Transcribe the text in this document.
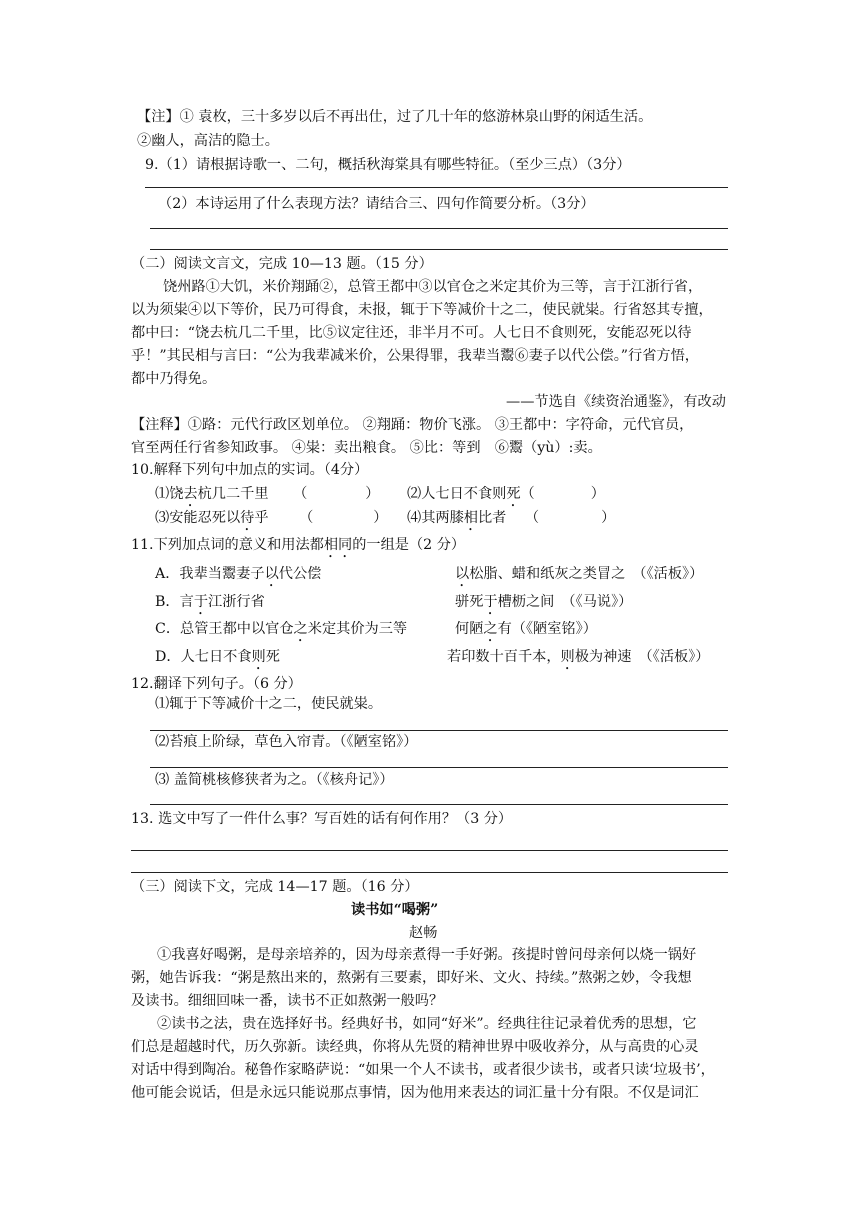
【注】① 袁枚，三十多岁以后不再出仕，过了几十年的悠游林泉山野的闲适生活。
②幽人，高洁的隐士。
9.（1）请根据诗歌一、二句，概括秋海棠具有哪些特征。（至少三点）（3分）
（2）本诗运用了什么表现方法？请结合三、四句作简要分析。（3分）
（二）阅读文言文，完成 10—13 题。（15 分）
饶州路①大饥，米价翔踊②，总管王都中③以官仓之米定其价为三等，言于江浙行省，
以为须粜④以下等价，民乃可得食，未报，辄于下等减价十之二，使民就粜。行省怒其专擅，
都中曰：“饶去杭几二千里，比⑤议定往还，非半月不可。人七日不食则死，安能忍死以待
乎！”其民相与言曰：“公为我辈减米价，公果得罪，我辈当鬻⑥妻子以代公偿。”行省方悟，
都中乃得免。
——节选自《续资治通鉴》，有改动
【注释】①路：元代行政区划单位。 ②翔踊：物价飞涨。 ③王都中：字符命，元代官员，
官至两任行省参知政事。 ④粜：卖出粮食。 ⑤比：等到　⑥鬻（yù）:卖。
10.解释下列句中加点的实词。（4分）
⑴饶去杭几二千里 （	） ⑵人七日不食则死（	）
⑶安能忍死以待乎 （	） ⑷其两膝相比者 （	）
11.下列加点词的意义和用法都相同的一组是（2 分）
A．我辈当鬻妻子以代公偿	以松脂、蜡和纸灰之类冒之　（《活板》）
B．言于江浙行省	骈死于槽枥之间　（《马说》）
C．总管王都中以官仓之米定其价为三等	何陋之有（《陋室铭》）
D．人七日不食则死	若印数十百千本，则极为神速　（《活板》）
12.翻译下列句子。（6 分）
⑴辄于下等减价十之二，使民就粜。
⑵苔痕上阶绿，草色入帘青。（《陋室铭》）
⑶ 盖简桃核修狭者为之。（《核舟记》）
13. 选文中写了一件什么事？写百姓的话有何作用？（3 分）
（三）阅读下文，完成 14—17 题。（16 分）
读书如“喝粥”
赵畅
①我喜好喝粥，是母亲培养的，因为母亲煮得一手好粥。孩提时曾问母亲何以烧一锅好
粥，她告诉我：“粥是熬出来的，熬粥有三要素，即好米、文火、持续。”熬粥之妙，令我想
及读书。细细回味一番，读书不正如熬粥一般吗？
②读书之法，贵在选择好书。经典好书，如同“好米”。经典往往记录着优秀的思想，它
们总是超越时代，历久弥新。读经典，你将从先贤的精神世界中吸收养分，从与高贵的心灵
对话中得到陶冶。秘鲁作家略萨说：“如果一个人不读书，或者很少读书，或者只读‘垃圾书’，
他可能会说话，但是永远只能说那点事情，因为他用来表达的词汇量十分有限。不仅是词汇
